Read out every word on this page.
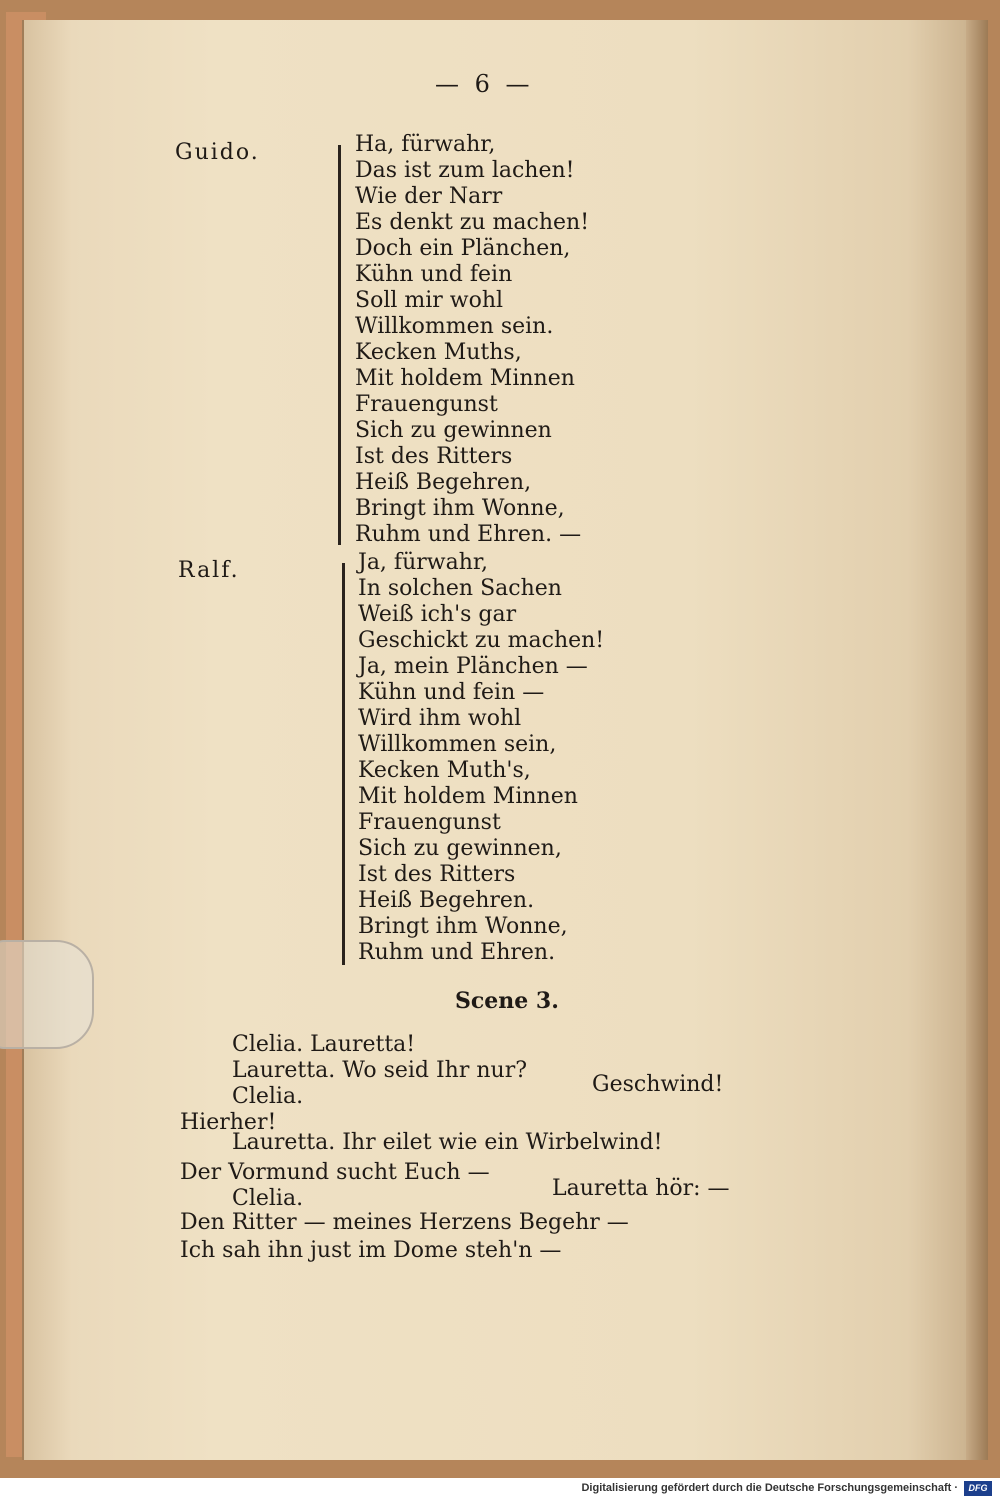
— 6 —
Guido.	Ha, fürwahr,
Das ist zum lachen!
Wie der Narr
Es denkt zu machen!
Doch ein Plänchen,
Kühn und fein
Soll mir wohl
Willkommen sein.
Kecken Muths,
Mit holdem Minnen
Frauengunst
Sich zu gewinnen
Ist des Ritters
Heiß Begehren,
Bringt ihm Wonne,
Ruhm und Ehren. —
Ralf.	Ja, fürwahr,
In solchen Sachen
Weiß ich's gar
Geschickt zu machen!
Ja, mein Plänchen —
Kühn und fein —
Wird ihm wohl
Willkommen sein,
Kecken Muth's,
Mit holdem Minnen
Frauengunst
Sich zu gewinnen,
Ist des Ritters
Heiß Begehren.
Bringt ihm Wonne,
Ruhm und Ehren.
Scene 3.
Clelia. Lauretta!
Lauretta. Wo seid Ihr nur?
Clelia.	Geschwind!
Hierher!
Lauretta. Ihr eilet wie ein Wirbelwind!
Der Vormund sucht Euch —
Clelia.	Lauretta hör: —
Den Ritter — meines Herzens Begehr —
Ich sah ihn just im Dome steh'n —
Digitalisierung gefördert durch die Deutsche Forschungsgemeinschaft ·	DFG
